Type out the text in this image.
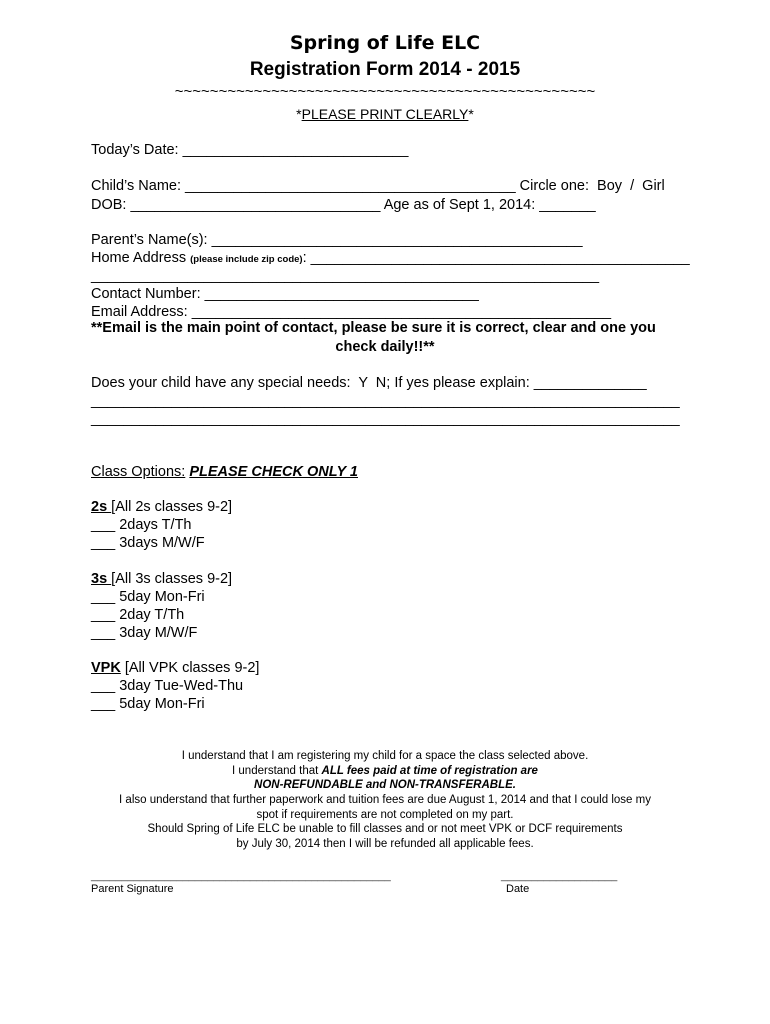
Spring of Life ELC
Registration Form 2014 - 2015
~~~~~~~~~~~~~~~~~~~~~~~~~~~~~~~~~~~~~~~~~~~~~~~~
*PLEASE PRINT CLEARLY*
Today’s Date: ____________________________
Child’s Name: _________________________________________ Circle one:  Boy  /  Girl
DOB: _______________________________ Age as of Sept 1, 2014: _______
Parent’s Name(s): ______________________________________________
Home Address (please include zip code): _______________________________________________
_______________________________________________________________
Contact Number: __________________________________
Email Address: ____________________________________________________
**Email is the main point of contact, please be sure it is correct, clear and one you
check daily!!**
Does your child have any special needs:  Y  N; If yes please explain: ______________
_________________________________________________________________________
_________________________________________________________________________
Class Options: PLEASE CHECK ONLY 1
2s [All 2s classes 9-2]
___ 2days T/Th
___ 3days M/W/F
3s [All 3s classes 9-2]
___ 5day Mon-Fri
___ 2day T/Th
___ 3day M/W/F
VPK [All VPK classes 9-2]
___ 3day Tue-Wed-Thu
___ 5day Mon-Fri
I understand that I am registering my child for a space the class selected above.
I understand that ALL fees paid at time of registration are
NON-REFUNDABLE and NON-TRANSFERABLE.
I also understand that further paperwork and tuition fees are due August 1, 2014 and that I could lose my
spot if requirements are not completed on my part.
Should Spring of Life ELC be unable to fill classes and or not meet VPK or DCF requirements
by July 30, 2014 then I will be refunded all applicable fees.
_________________________________________________	___________________
Parent Signature	Date
